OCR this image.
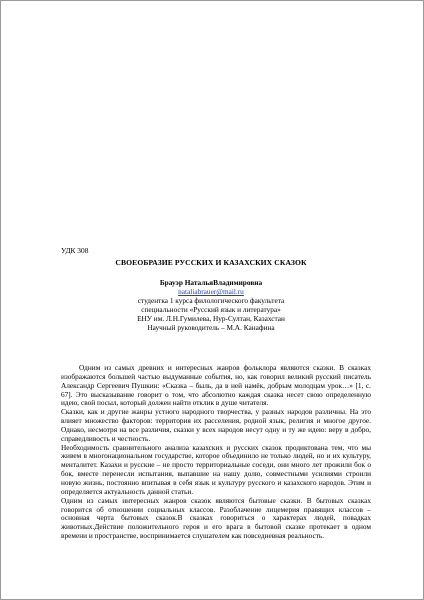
УДК 308
СВОЕОБРАЗИЕ РУССКИХ И КАЗАХСКИХ СКАЗОК
Брауэр НатальяВладимировна
nataliabrauer@mail.ru
студентка 1 курса филологического факультета
специальности «Русский язык и литература»
ЕНУ им. Л.Н.Гумилева, Нур-Султан, Казахстан
Научный руководитель – М.А. Канафина

Одним из самых древних и интересных жанров фольклора являются сказки. В сказках изображаются большей частью выдуманные события, но, как говорил великий русский писатель Александр Сергеевич Пушкин: «Сказка – быль, да в ней намёк, добрым молодцам урок…» [1, с. 67]. Это высказывание говорит о том, что абсолютно каждая сказка несет свою определенную идею, свой посыл, который должен найти отклик в душе читателя.

Сказки, как и другие жанры устного народного творчества, у разных народов различны. На это влияет множество факторов: территория их расселения, родной язык, религия и многое другое. Однако, несмотря на все различия, сказки у всех народов несут одну и ту же идею: веру в добро, справедливость и честность.

Необходимость сравнительного анализа казахских и русских сказок продиктована тем, что мы живем в многонациональном государстве, которое объединило не только людей, но и их культуру, менталитет. Казахи и русские – не просто территориальные соседи, они много лет прожили бок о бок, вместе перенесли испытания, выпавшие на нашу долю, совместными усилиями строили новую жизнь, постоянно впитывая в себя язык и культуру русского и казахского народов. Этим и определяется актуальность данной статьи.

Одним из самых интересных жанров сказок являются бытовые сказки. В бытовых сказках говорится об отношении социальных классов. Разоблачение лицемерия правящих классов – основная черта бытовых сказок.В сказках говориться о характерах людей, повадках животных.Действие положительного героя и его врага в бытовой сказке протекает в одном времени и пространстве, воспринимается слушателем как повседневная реальность.
